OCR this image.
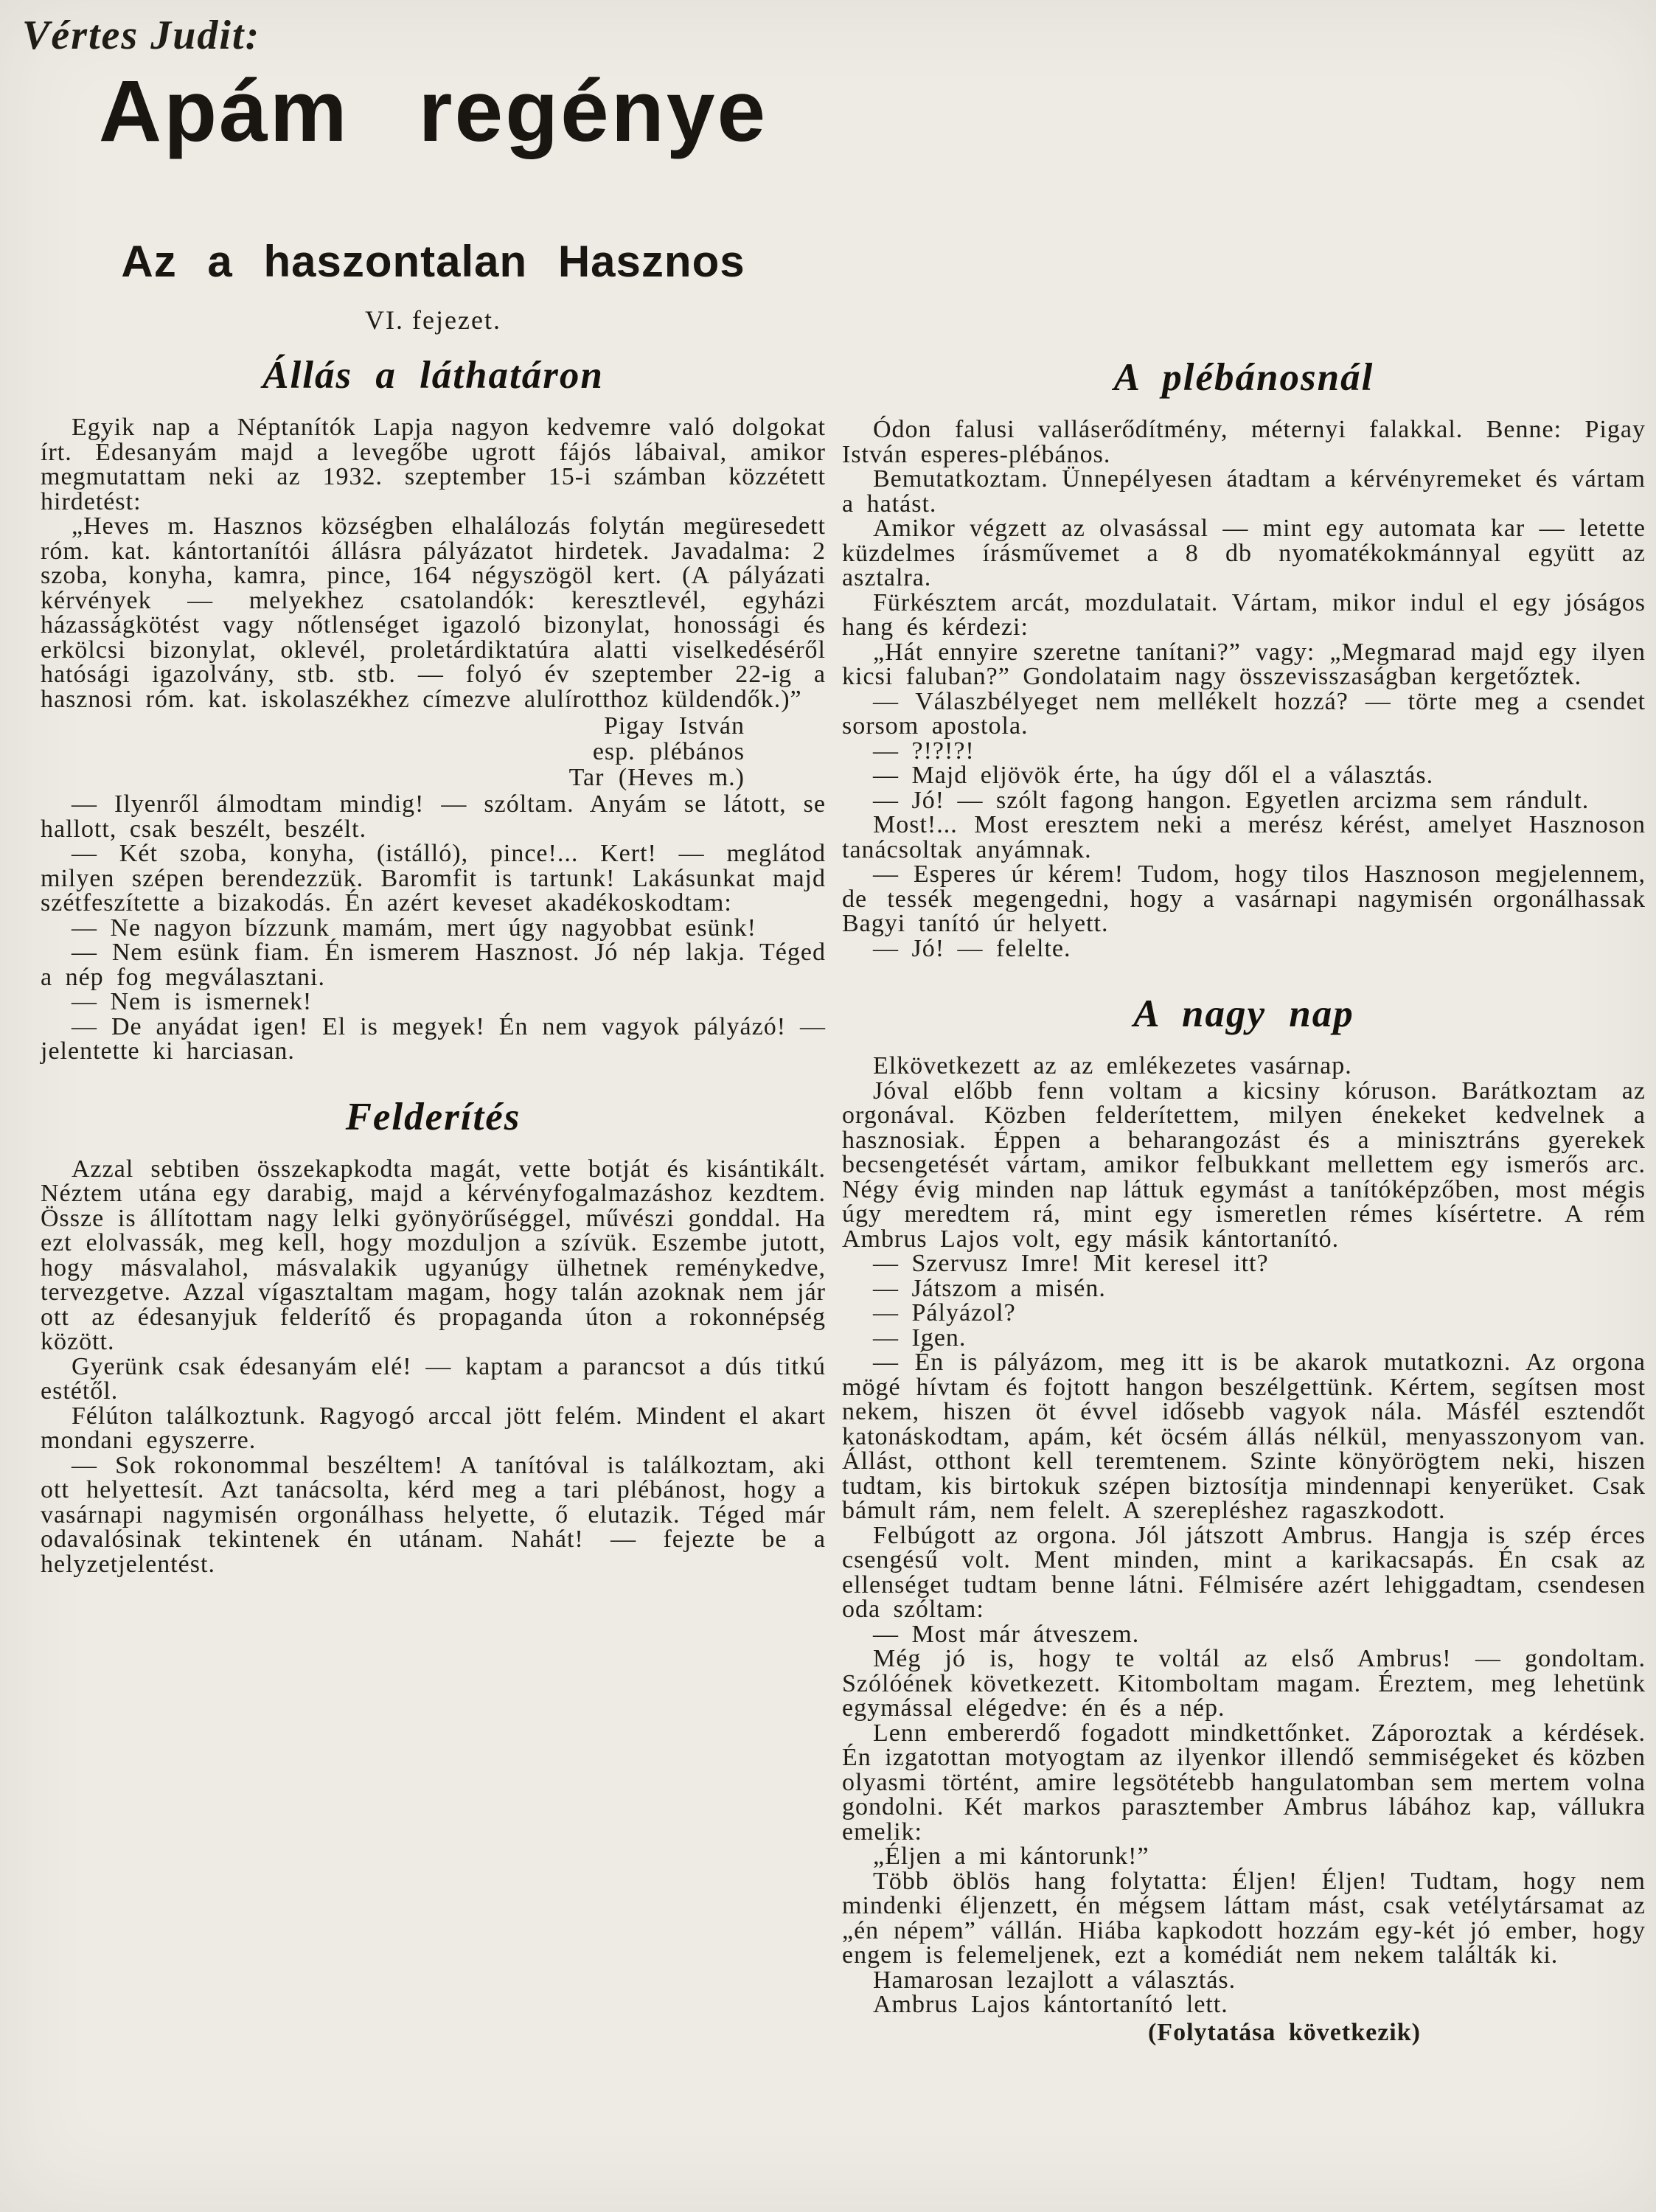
Vértes Judit:
Apám regénye
Az a haszontalan Hasznos
VI. fejezet.
Állás a láthatáron

Egyik nap a Néptanítók Lapja nagyon kedvemre való dolgokat írt. Édesanyám majd a levegőbe ugrott fájós lábaival, amikor megmutattam neki az 1932. szeptember 15-i számban közzétett hirdetést:

„Heves m. Hasznos községben elhalálozás folytán megüresedett róm. kat. kántortanítói állásra pályázatot hirdetek. Javadalma: 2 szoba, konyha, kamra, pince, 164 négyszögöl kert. (A pályázati kérvények — melyekhez csatolandók: keresztlevél, egyházi házasságkötést vagy nőtlenséget igazoló bizonylat, honossági és erkölcsi bizonylat, oklevél, proletárdiktatúra alatti viselkedéséről hatósági igazolvány, stb. stb. — folyó év szeptember 22-ig a hasznosi róm. kat. iskolaszékhez címezve alulírotthoz küldendők.)”

Pigay István
esp. plébános
Tar (Heves m.)

— Ilyenről álmodtam mindig! — szóltam. Anyám se látott, se hallott, csak beszélt, beszélt.

— Két szoba, konyha, (istálló), pince!... Kert! — meglátod milyen szépen berendezzük. Baromfit is tartunk! Lakásunkat majd szétfeszítette a bizakodás. Én azért keveset akadékoskodtam:

— Ne nagyon bízzunk mamám, mert úgy nagyobbat esünk!

— Nem esünk fiam. Én ismerem Hasznost. Jó nép lakja. Téged a nép fog megválasztani.

— Nem is ismernek!

— De anyádat igen! El is megyek! Én nem vagyok pályázó! — jelentette ki harciasan.

Felderítés

Azzal sebtiben összekapkodta magát, vette botját és kisántikált. Néztem utána egy darabig, majd a kérvényfogalmazáshoz kezdtem. Össze is állítottam nagy lelki gyönyörűséggel, művészi gonddal. Ha ezt elolvassák, meg kell, hogy mozduljon a szívük. Eszembe jutott, hogy másvalahol, másvalakik ugyanúgy ülhetnek reménykedve, tervezgetve. Azzal vígasztaltam magam, hogy talán azoknak nem jár ott az édesanyjuk felderítő és propaganda úton a rokonnépség között.

Gyerünk csak édesanyám elé! — kaptam a parancsot a dús titkú estétől.

Félúton találkoztunk. Ragyogó arccal jött felém. Mindent el akart mondani egyszerre.

— Sok rokonommal beszéltem! A tanítóval is találkoztam, aki ott helyettesít. Azt tanácsolta, kérd meg a tari plébánost, hogy a vasárnapi nagymisén orgonálhass helyette, ő elutazik. Téged már odavalósinak tekintenek én utánam. Nahát! — fejezte be a helyzetjelentést.

A plébánosnál

Ódon falusi valláserődítmény, méternyi falakkal. Benne: Pigay István esperes-plébános.

Bemutatkoztam. Ünnepélyesen átadtam a kérvényremeket és vártam a hatást.

Amikor végzett az olvasással — mint egy automata kar — letette küzdelmes írásművemet a 8 db nyomatékokmánnyal együtt az asztalra.

Fürkésztem arcát, mozdulatait. Vártam, mikor indul el egy jóságos hang és kérdezi:

„Hát ennyire szeretne tanítani?” vagy: „Megmarad majd egy ilyen kicsi faluban?” Gondolataim nagy összevisszaságban kergetőztek.

— Válaszbélyeget nem mellékelt hozzá? — törte meg a csendet sorsom apostola.

— ?!?!?!

— Majd eljövök érte, ha úgy dől el a választás.

— Jó! — szólt fagong hangon. Egyetlen arcizma sem rándult.

Most!... Most eresztem neki a merész kérést, amelyet Hasznoson tanácsoltak anyámnak.

— Esperes úr kérem! Tudom, hogy tilos Hasznoson megjelennem, de tessék megengedni, hogy a vasárnapi nagymisén orgonálhassak Bagyi tanító úr helyett.

— Jó! — felelte.

A nagy nap

Elkövetkezett az az emlékezetes vasárnap.

Jóval előbb fenn voltam a kicsiny kóruson. Barátkoztam az orgonával. Közben felderítettem, milyen énekeket kedvelnek a hasznosiak. Éppen a beharangozást és a minisztráns gyerekek becsengetését vártam, amikor felbukkant mellettem egy ismerős arc. Négy évig minden nap láttuk egymást a tanítóképzőben, most mégis úgy meredtem rá, mint egy ismeretlen rémes kísértetre. A rém Ambrus Lajos volt, egy másik kántortanító.

— Szervusz Imre! Mit keresel itt?

— Játszom a misén.

— Pályázol?

— Igen.

— Én is pályázom, meg itt is be akarok mutatkozni. Az orgona mögé hívtam és fojtott hangon beszélgettünk. Kértem, segítsen most nekem, hiszen öt évvel idősebb vagyok nála. Másfél esztendőt katonáskodtam, apám, két öcsém állás nélkül, menyasszonyom van. Állást, otthont kell teremtenem. Szinte könyörögtem neki, hiszen tudtam, kis birtokuk szépen biztosítja mindennapi kenyerüket. Csak bámult rám, nem felelt. A szerepléshez ragaszkodott.

Felbúgott az orgona. Jól játszott Ambrus. Hangja is szép érces csengésű volt. Ment minden, mint a karikacsapás. Én csak az ellenséget tudtam benne látni. Félmisére azért lehiggadtam, csendesen oda szóltam:

— Most már átveszem.

Még jó is, hogy te voltál az első Ambrus! — gondoltam. Szólóének következett. Kitomboltam magam. Éreztem, meg lehetünk egymással elégedve: én és a nép.

Lenn embererdő fogadott mindkettőnket. Záporoztak a kérdések. Én izgatottan motyogtam az ilyenkor illendő semmiségeket és közben olyasmi történt, amire legsötétebb hangulatomban sem mertem volna gondolni. Két markos parasztember Ambrus lábához kap, vállukra emelik:

„Éljen a mi kántorunk!”

Több öblös hang folytatta: Éljen! Éljen! Tudtam, hogy nem mindenki éljenzett, én mégsem láttam mást, csak vetélytársamat az „én népem” vállán. Hiába kapkodott hozzám egy-két jó ember, hogy engem is felemeljenek, ezt a komédiát nem nekem találták ki.

Hamarosan lezajlott a választás.

Ambrus Lajos kántortanító lett.

(Folytatása következik)
